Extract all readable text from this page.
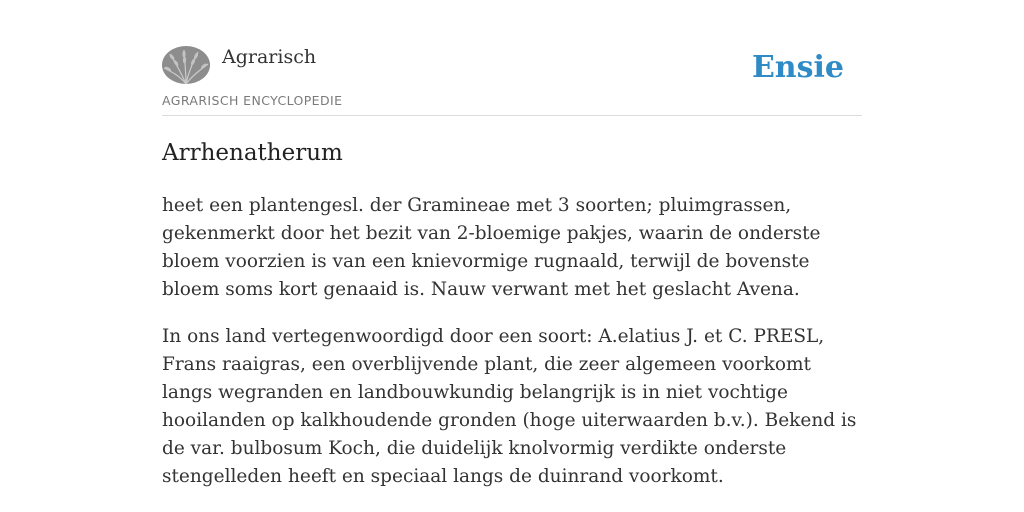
Agrarisch
AGRARISCH ENCYCLOPEDIE
Ensie
Arrhenatherum

heet een plantengesl. der Gramineae met 3 soorten; pluimgrassen, gekenmerkt door het bezit van 2-bloemige pakjes, waarin de onderste bloem voorzien is van een knievormige rugnaald, terwijl de bovenste bloem soms kort genaaid is. Nauw verwant met het geslacht Avena.

In ons land vertegenwoordigd door een soort: A.elatius J. et C. PRESL, Frans raaigras, een overblijvende plant, die zeer algemeen voorkomt langs wegranden en landbouwkundig belangrijk is in niet vochtige hooilanden op kalkhoudende gronden (hoge uiterwaarden b.v.). Bekend is de var. bulbosum Koch, die duidelijk knolvormig verdikte onderste stengelleden heeft en speciaal langs de duinrand voorkomt.
